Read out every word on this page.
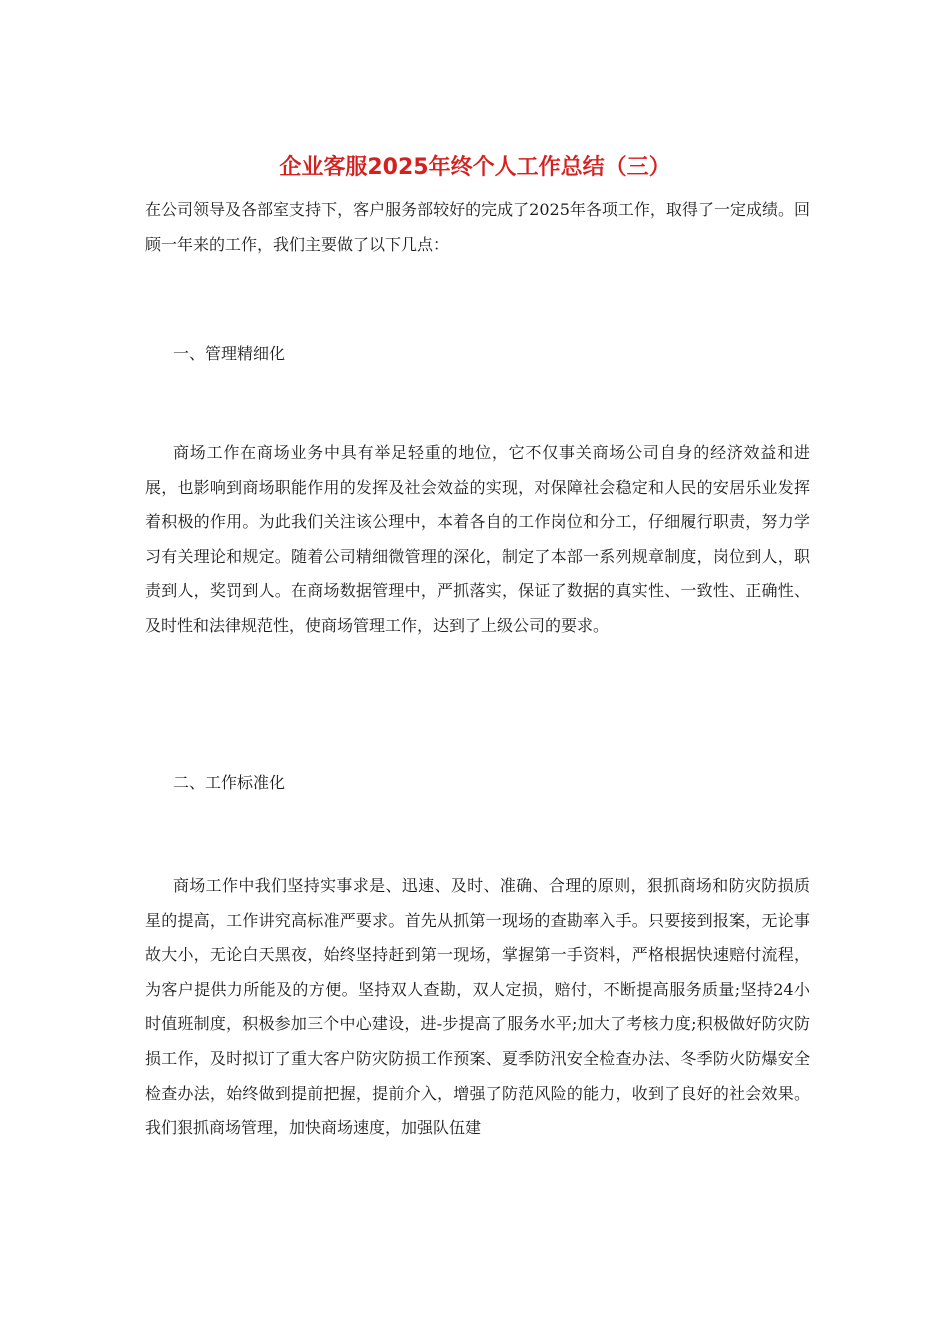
企业客服2025年终个人工作总结（三）

在公司领导及各部室支持下，客户服务部较好的完成了2025年各项工作，取得了一定成绩。回顾一年来的工作，我们主要做了以下几点：

一、管理精细化

商场工作在商场业务中具有举足轻重的地位，它不仅事关商场公司自身的经济效益和进展，也影响到商场职能作用的发挥及社会效益的实现，对保障社会稳定和人民的安居乐业发挥着积极的作用。为此我们关注该公理中，本着各自的工作岗位和分工，仔细履行职责，努力学习有关理论和规定。随着公司精细微管理的深化，制定了本部一系列规章制度，岗位到人，职责到人，奖罚到人。在商场数据管理中，严抓落实，保证了数据的真实性、一致性、正确性、及时性和法律规范性，使商场管理工作，达到了上级公司的要求。

二、工作标准化

商场工作中我们坚持实事求是、迅速、及时、准确、合理的原则，狠抓商场和防灾防损质星的提高，工作讲究高标准严要求。首先从抓第一现场的查勘率入手。只要接到报案，无论事故大小，无论白天黑夜，始终坚持赶到第一现场，掌握第一手资料，严格根据快速赔付流程，为客户提供力所能及的方便。坚持双人查勘，双人定损，赔付，不断提高服务质量;坚持24小时值班制度，积极参加三个中心建设，进-步提高了服务水平;加大了考核力度;积极做好防灾防损工作，及时拟订了重大客户防灾防损工作预案、夏季防汛安全检查办法、冬季防火防爆安全检查办法，始终做到提前把握，提前介入，增强了防范风险的能力，收到了良好的社会效果。我们狠抓商场管理，加快商场速度，加强队伍建
